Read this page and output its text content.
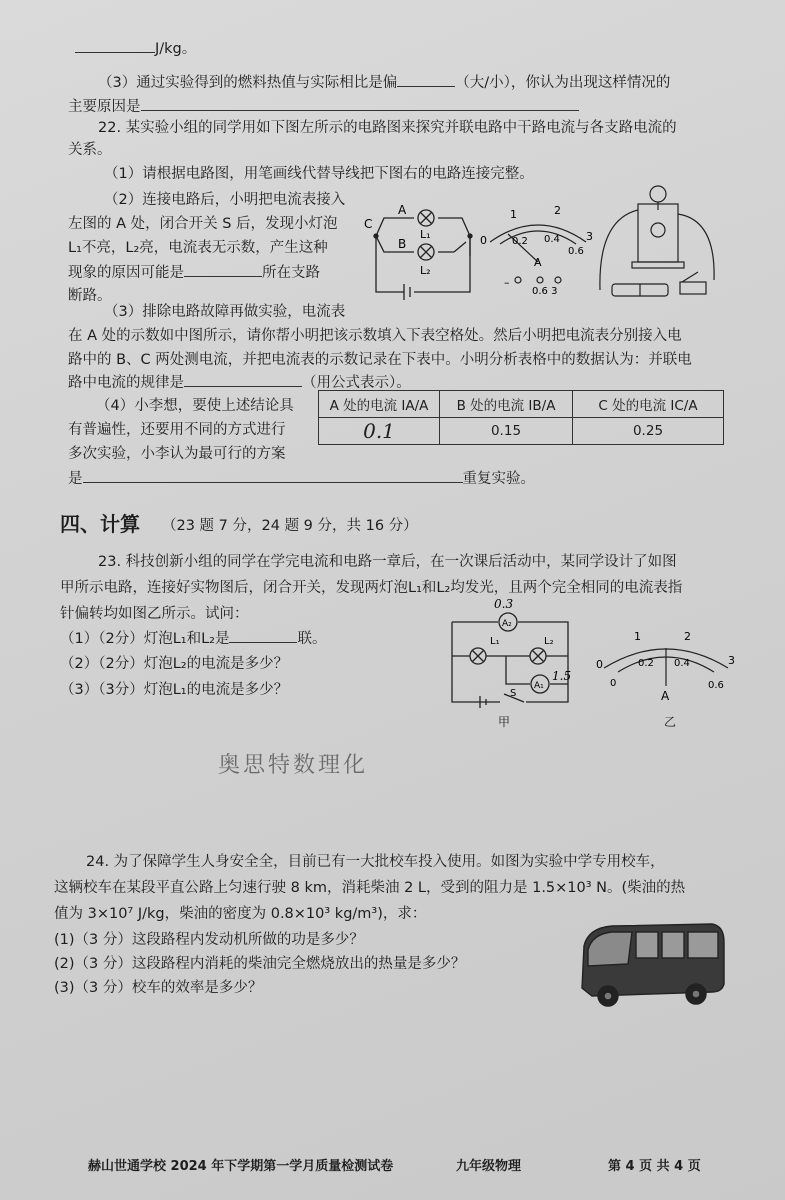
J/kg。
（3）通过实验得到的燃料热值与实际相比是偏	（大/小），你认为出现这样情况的
主要原因是
22. 某实验小组的同学用如下图左所示的电路图来探究并联电路中干路电流与各支路电流的
关系。
（1）请根据电路图，用笔画线代替导线把下图右的电路连接完整。
（2）连接电路后，小明把电流表接入
左图的 A 处，闭合开关 S 后，发现小灯泡
L₁不亮，L₂亮，电流表无示数，产生这种
现象的原因可能是	所在支路
断路。
C
A
B
L₁
L₂
0
1	2
3
0.2 0.4
0.6
A
–
0.6 3
（3）排除电路故障再做实验，电流表
在 A 处的示数如中图所示，请你帮小明把该示数填入下表空格处。然后小明把电流表分别接入电
路中的 B、C 两处测电流，并把电流表的示数记录在下表中。小明分析表格中的数据认为：并联电
路中电流的规律是	（用公式表示）。
（4）小李想，要使上述结论具
有普遍性，还要用不同的方式进行
多次实验，小李认为最可行的方案
是	重复实验。
A 处的电流 IA/A	B 处的电流 IB/A	C 处的电流 IC/A
0.1	0.15	0.25
四、计算 （23 题 7 分，24 题 9 分，共 16 分）
23. 科技创新小组的同学在学完电流和电路一章后，在一次课后活动中，某同学设计了如图
甲所示电路，连接好实物图后，闭合开关，发现两灯泡L₁和L₂均发光，且两个完全相同的电流表指
针偏转均如图乙所示。试问：
（1）（2分）灯泡L₁和L₂是	联。
（2）（2分）灯泡L₂的电流是多少？
（3）（3分）灯泡L₁的电流是多少？
A₂
A₁
L₁	L₂
S
0.3
1.5
甲
0
1	2
3
0
0.2 0.4
0.6
A
乙
奥思特数理化
24. 为了保障学生人身安全全，目前已有一大批校车投入使用。如图为实验中学专用校车，
这辆校车在某段平直公路上匀速行驶 8 km，消耗柴油 2 L，受到的阻力是 1.5×10³ N。(柴油的热
值为 3×10⁷ J/kg，柴油的密度为 0.8×10³ kg/m³)，求：
(1)（3 分）这段路程内发动机所做的功是多少？
(2)（3 分）这段路程内消耗的柴油完全燃烧放出的热量是多少？
(3)（3 分）校车的效率是多少？
赫山世通学校 2024 年下学期第一学月质量检测试卷	九年级物理	第 4 页 共 4 页
